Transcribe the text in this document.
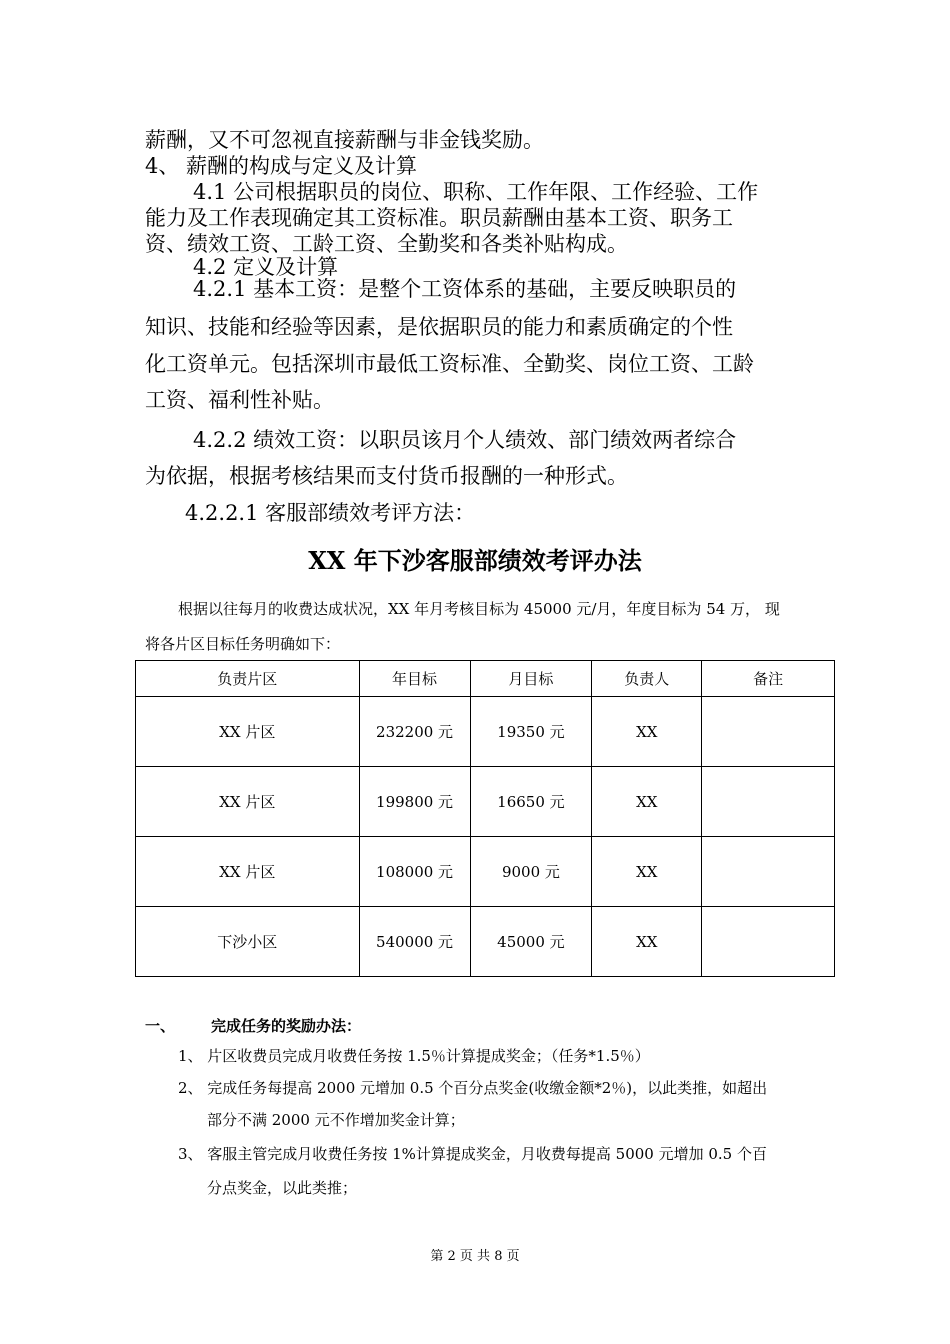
薪酬，又不可忽视直接薪酬与非金钱奖励。
4、 薪酬的构成与定义及计算
4.1 公司根据职员的岗位、职称、工作年限、工作经验、工作
能力及工作表现确定其工资标准。职员薪酬由基本工资、职务工
资、绩效工资、工龄工资、全勤奖和各类补贴构成。
4.2 定义及计算
4.2.1 基本工资：是整个工资体系的基础，主要反映职员的
知识、技能和经验等因素，是依据职员的能力和素质确定的个性
化工资单元。包括深圳市最低工资标准、全勤奖、岗位工资、工龄
工资、福利性补贴。
4.2.2 绩效工资：以职员该月个人绩效、部门绩效两者综合
为依据，根据考核结果而支付货币报酬的一种形式。
4.2.2.1 客服部绩效考评方法：
XX 年下沙客服部绩效考评办法
根据以往每月的收费达成状况，XX 年月考核目标为 45000 元/月，年度目标为 54 万， 现
将各片区目标任务明确如下：
负责片区	年目标	月目标	负责人	备注
XX 片区	232200 元	19350 元	XX	
XX 片区	199800 元	16650 元	XX	
XX 片区	108000 元	9000 元	XX	
下沙小区	540000 元	45000 元	XX	
一、 完成任务的奖励办法：
1、 片区收费员完成月收费任务按 1.5％计算提成奖金；（任务*1.5％）
2、 完成任务每提高 2000 元增加 0.5 个百分点奖金(收缴金额*2％)，以此类推，如超出
部分不满 2000 元不作增加奖金计算；
3、 客服主管完成月收费任务按 1%计算提成奖金，月收费每提高 5000 元增加 0.5 个百
分点奖金，以此类推；
第 2 页 共 8 页
